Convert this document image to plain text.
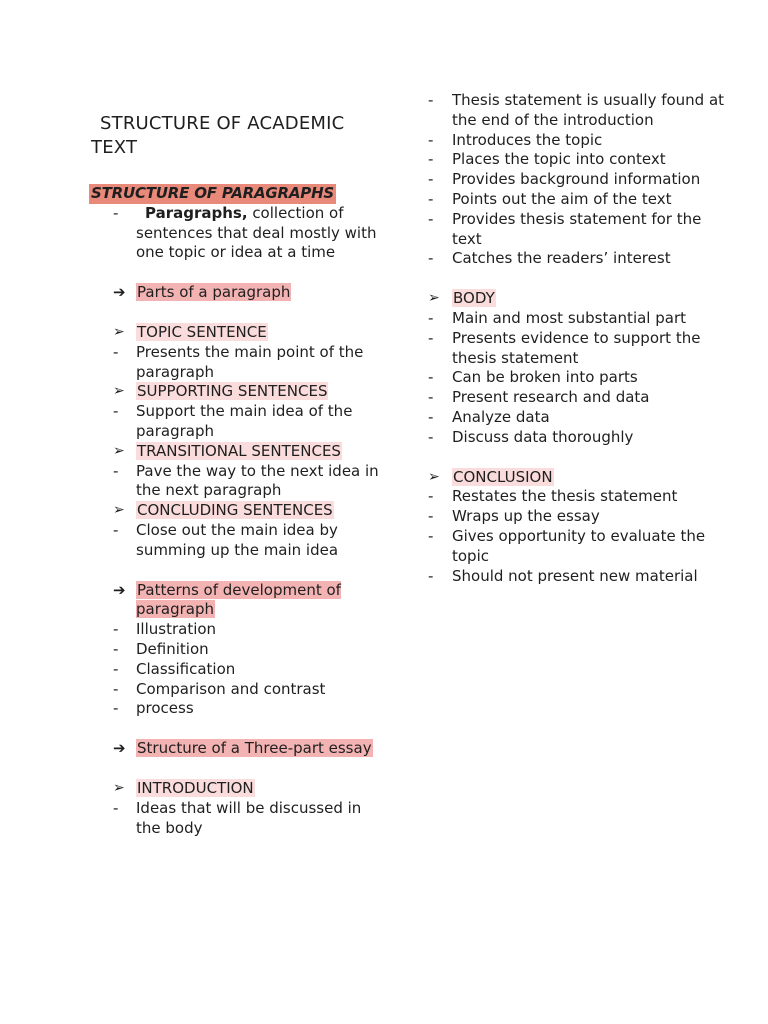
STRUCTURE OF ACADEMIC
TEXT
STRUCTURE OF PARAGRAPHS
- Paragraphs, collection of sentences that deal mostly with one topic or idea at a time
➔ Parts of a paragraph
➢ TOPIC SENTENCE
- Presents the main point of the paragraph
➢ SUPPORTING SENTENCES
- Support the main idea of the paragraph
➢ TRANSITIONAL SENTENCES
- Pave the way to the next idea in the next paragraph
➢ CONCLUDING SENTENCES
- Close out the main idea by summing up the main idea
➔ Patterns of development of paragraph
- Illustration
- Definition
- Classification
- Comparison and contrast
- process
➔ Structure of a Three-part essay
➢ INTRODUCTION
- Ideas that will be discussed in the body
- Thesis statement is usually found at the end of the introduction
- Introduces the topic
- Places the topic into context
- Provides background information
- Points out the aim of the text
- Provides thesis statement for the text
- Catches the readers’ interest
➢ BODY
- Main and most substantial part
- Presents evidence to support the thesis statement
- Can be broken into parts
- Present research and data
- Analyze data
- Discuss data thoroughly
➢ CONCLUSION
- Restates the thesis statement
- Wraps up the essay
- Gives opportunity to evaluate the topic
- Should not present new material
